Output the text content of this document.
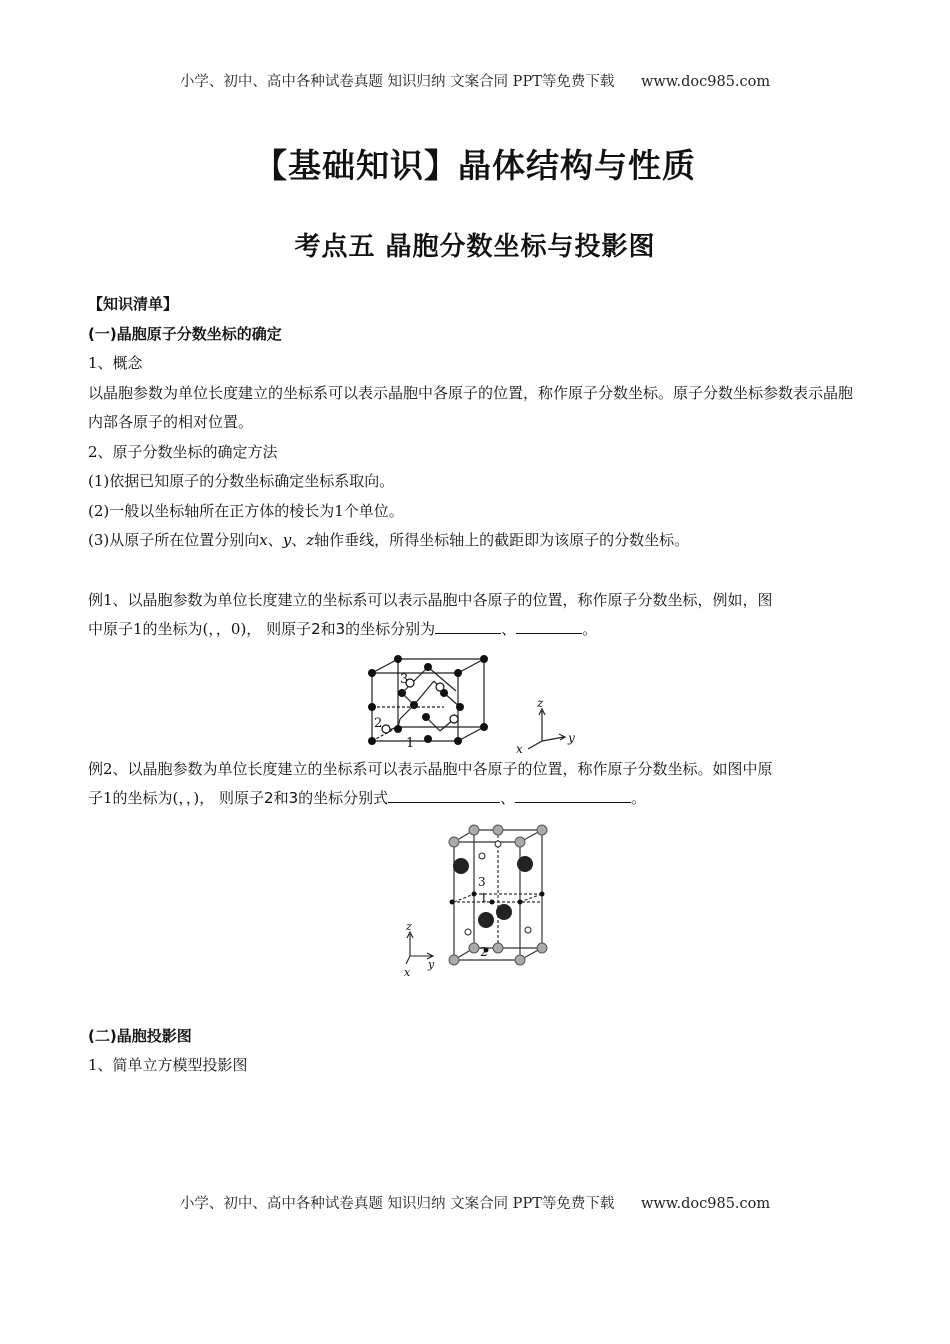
小学、初中、高中各种试卷真题 知识归纳 文案合同 PPT等免费下载 www.doc985.com
【基础知识】晶体结构与性质
考点五 晶胞分数坐标与投影图

【知识清单】

(一)晶胞原子分数坐标的确定

1、概念

以晶胞参数为单位长度建立的坐标系可以表示晶胞中各原子的位置，称作原子分数坐标。原子分数坐标参数表示晶胞内部各原子的相对位置。

2、原子分数坐标的确定方法

(1)依据已知原子的分数坐标确定坐标系取向。

(2)一般以坐标轴所在正方体的棱长为1个单位。

(3)从原子所在位置分别向x、y、z轴作垂线，所得坐标轴上的截距即为该原子的分数坐标。

例1、以晶胞参数为单位长度建立的坐标系可以表示晶胞中各原子的位置，称作原子分数坐标，例如，图

中原子1的坐标为(，，0)， 则原子2和3的坐标分别为	、	。

3
2
1
z
y
x

例2、以晶胞参数为单位长度建立的坐标系可以表示晶胞中各原子的位置，称作原子分数坐标。如图中原

子1的坐标为(，，)， 则原子2和3的坐标分别式	、	。

3
1
2
z
y
x

(二)晶胞投影图

1、简单立方模型投影图

小学、初中、高中各种试卷真题 知识归纳 文案合同 PPT等免费下载 www.doc985.com
